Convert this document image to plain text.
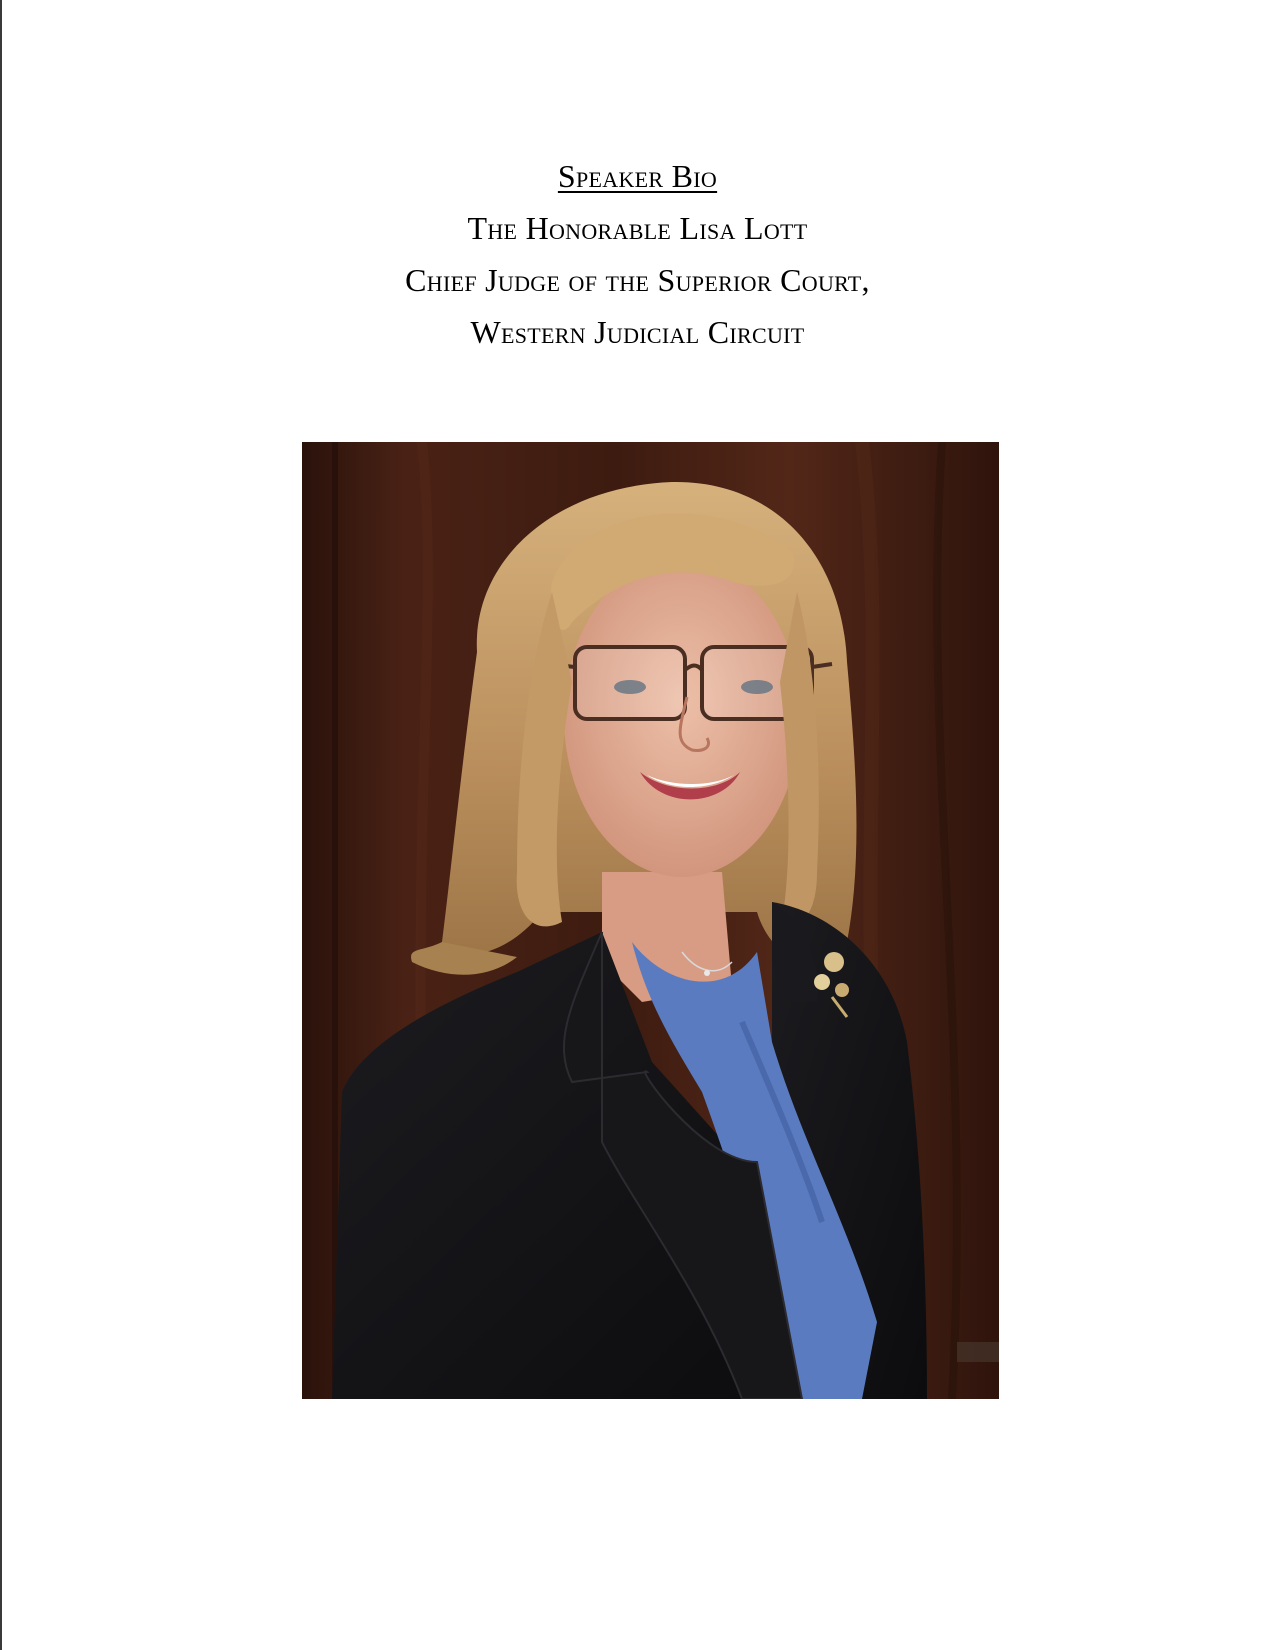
Speaker Bio
The Honorable Lisa Lott
Chief Judge of the Superior Court,
Western Judicial Circuit
